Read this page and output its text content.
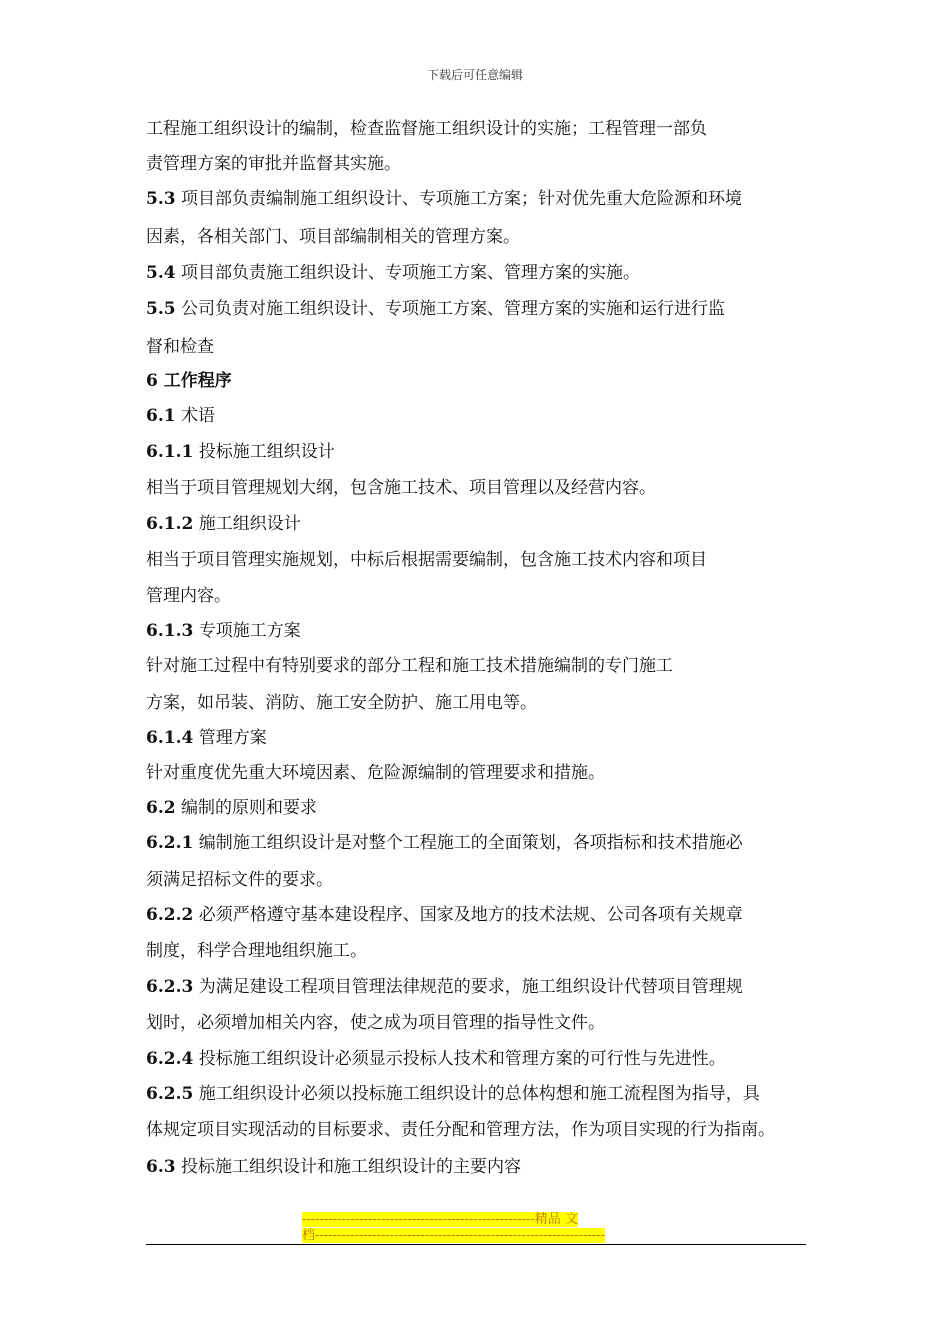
下载后可任意编辑
工程施工组织设计的编制，检查监督施工组织设计的实施；工程管理一部负
责管理方案的审批并监督其实施。
5.3 项目部负责编制施工组织设计、专项施工方案；针对优先重大危险源和环境
因素，各相关部门、项目部编制相关的管理方案。
5.4 项目部负责施工组织设计、专项施工方案、管理方案的实施。
5.5 公司负责对施工组织设计、专项施工方案、管理方案的实施和运行进行监
督和检查
6 工作程序
6.1 术语
6.1.1 投标施工组织设计
相当于项目管理规划大纲，包含施工技术、项目管理以及经营内容。
6.1.2 施工组织设计
相当于项目管理实施规划，中标后根据需要编制，包含施工技术内容和项目
管理内容。
6.1.3 专项施工方案
针对施工过程中有特别要求的部分工程和施工技术措施编制的专门施工
方案，如吊装、消防、施工安全防护、施工用电等。
6.1.4 管理方案
针对重度优先重大环境因素、危险源编制的管理要求和措施。
6.2 编制的原则和要求
6.2.1 编制施工组织设计是对整个工程施工的全面策划，各项指标和技术措施必
须满足招标文件的要求。
6.2.2 必须严格遵守基本建设程序、国家及地方的技术法规、公司各项有关规章
制度，科学合理地组织施工。
6.2.3 为满足建设工程项目管理法律规范的要求，施工组织设计代替项目管理规
划时，必须增加相关内容，使之成为项目管理的指导性文件。
6.2.4 投标施工组织设计必须显示投标人技术和管理方案的可行性与先进性。
6.2.5 施工组织设计必须以投标施工组织设计的总体构想和施工流程图为指导，具
体规定项目实现活动的目标要求、责任分配和管理方法，作为项目实现的行为指南。
6.3 投标施工组织设计和施工组织设计的主要内容
-----------------------------------------------------精品 文
档------------------------------------------------------------------
